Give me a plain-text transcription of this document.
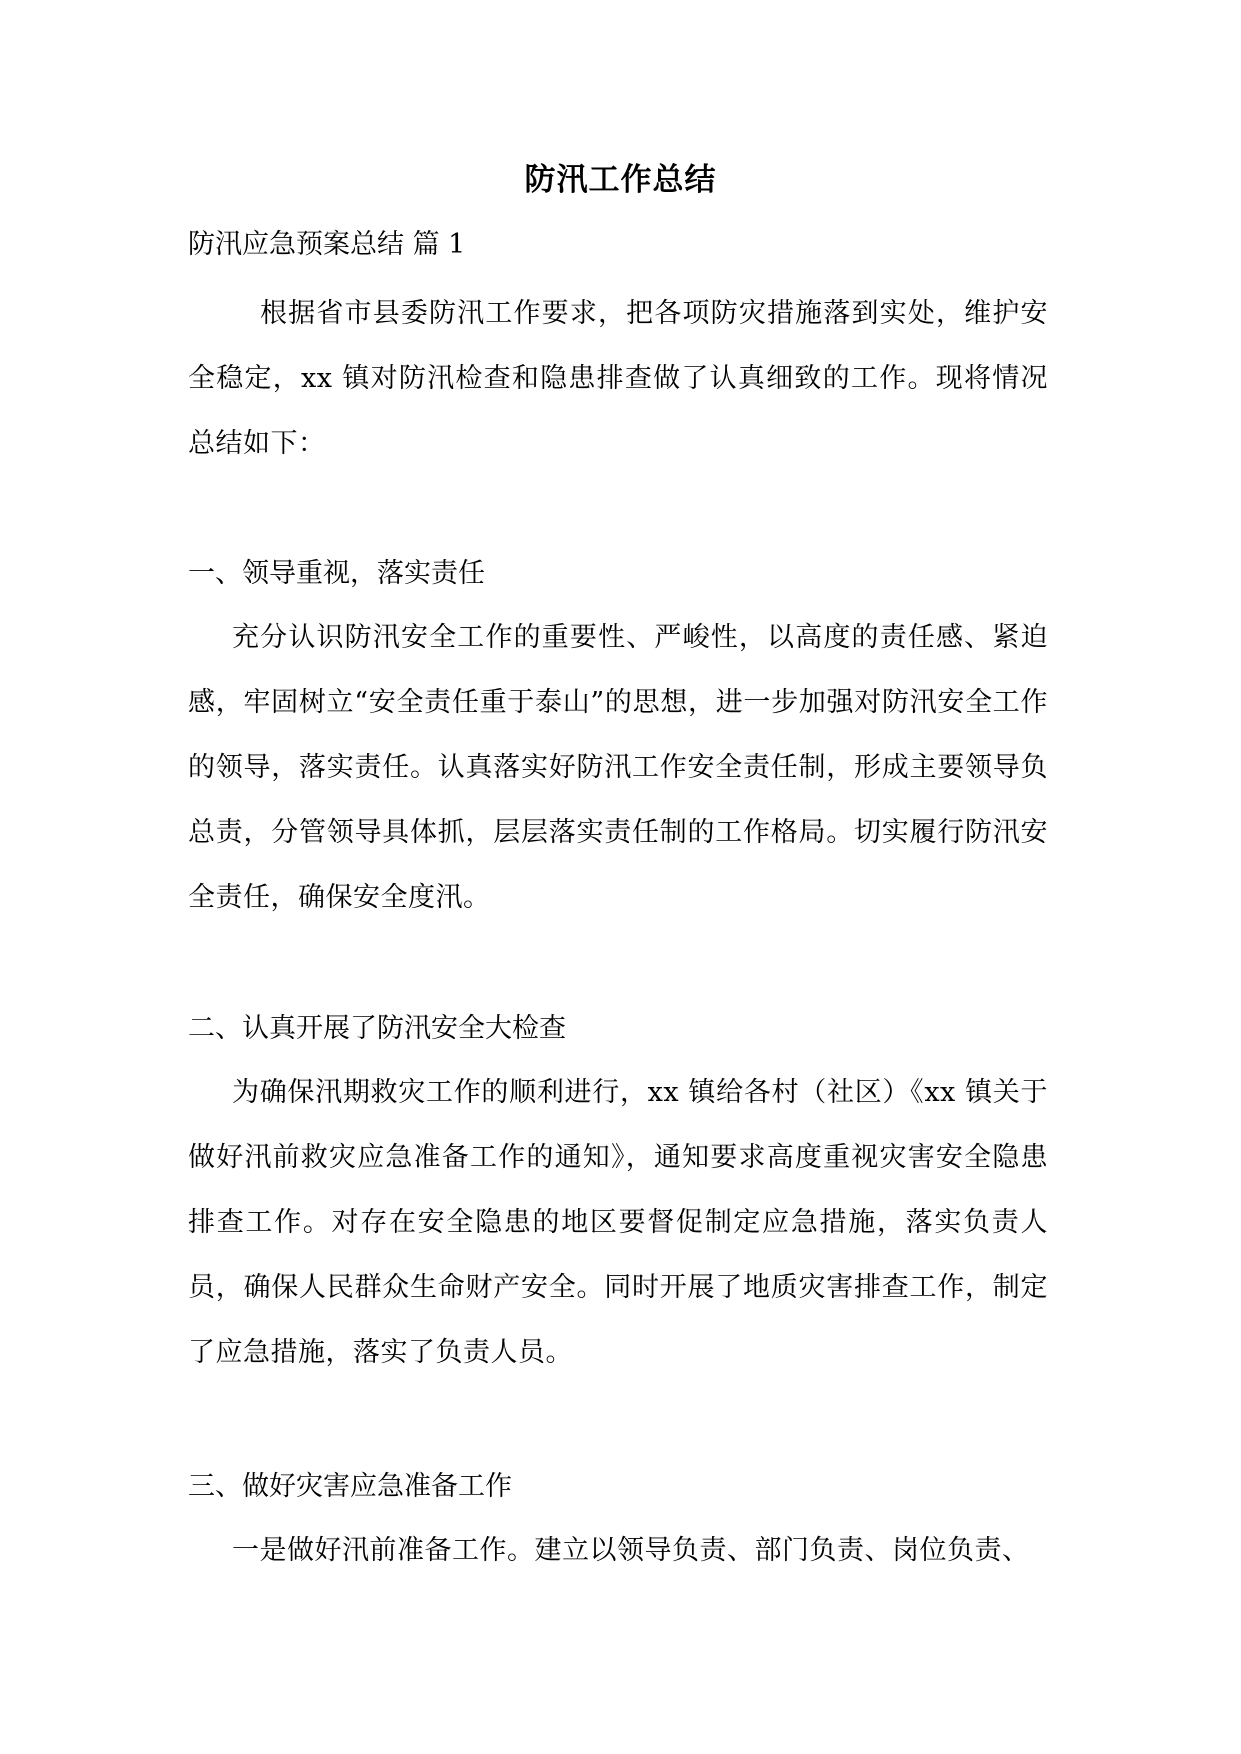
防汛工作总结
防汛应急预案总结 篇 1
根据省市县委防汛工作要求，把各项防灾措施落到实处，维护安全稳定，xx 镇对防汛检查和隐患排查做了认真细致的工作。现将情况总结如下：
一、领导重视，落实责任
充分认识防汛安全工作的重要性、严峻性，以高度的责任感、紧迫感，牢固树立“安全责任重于泰山”的思想，进一步加强对防汛安全工作的领导，落实责任。认真落实好防汛工作安全责任制，形成主要领导负总责，分管领导具体抓，层层落实责任制的工作格局。切实履行防汛安全责任，确保安全度汛。
二、认真开展了防汛安全大检查
为确保汛期救灾工作的顺利进行，xx 镇给各村（社区）《xx 镇关于做好汛前救灾应急准备工作的通知》，通知要求高度重视灾害安全隐患排查工作。对存在安全隐患的地区要督促制定应急措施，落实负责人员，确保人民群众生命财产安全。同时开展了地质灾害排查工作，制定了应急措施，落实了负责人员。
三、做好灾害应急准备工作
一是做好汛前准备工作。建立以领导负责、部门负责、岗位负责、
